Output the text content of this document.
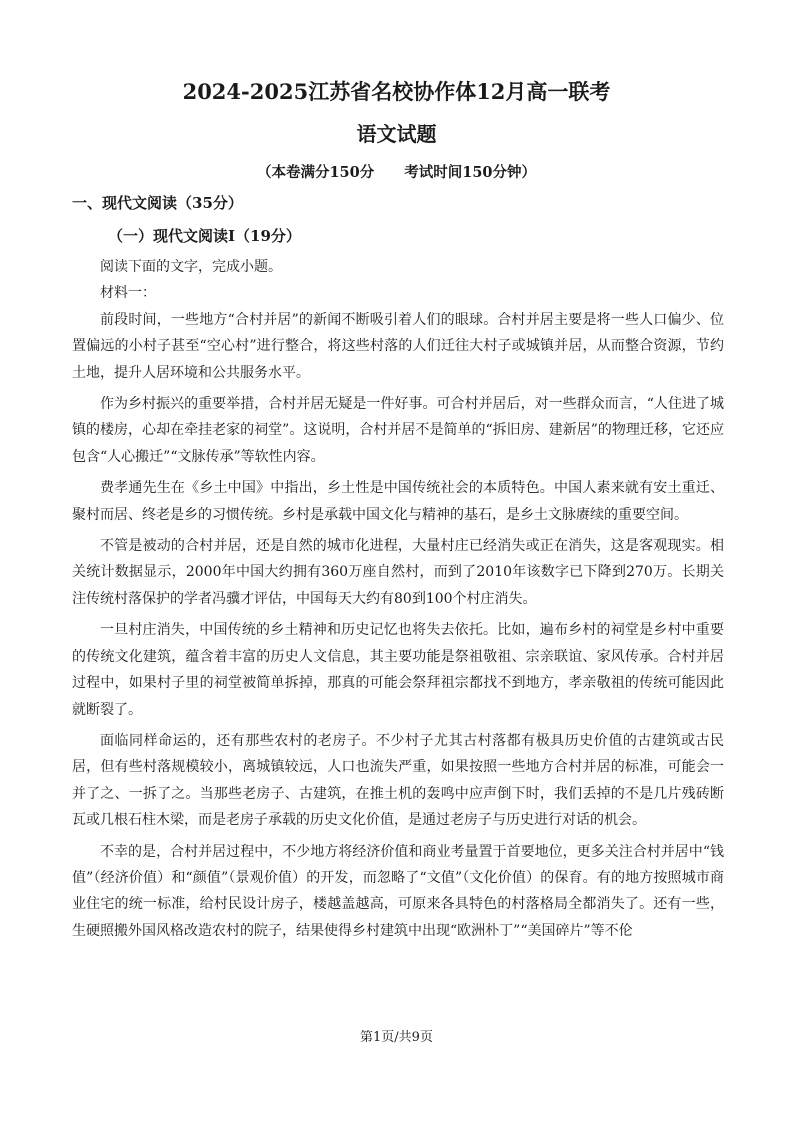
2024-2025江苏省名校协作体12月高一联考
语文试题
（本卷满分150分 考试时间150分钟）
一、现代文阅读（35分）
（一）现代文阅读Ⅰ（19分）

阅读下面的文字，完成小题。

材料一：

前段时间，一些地方“合村并居”的新闻不断吸引着人们的眼球。合村并居主要是将一些人口偏少、位置偏远的小村子甚至“空心村”进行整合，将这些村落的人们迁往大村子或城镇并居，从而整合资源，节约土地，提升人居环境和公共服务水平。

作为乡村振兴的重要举措，合村并居无疑是一件好事。可合村并居后，对一些群众而言，“人住进了城镇的楼房，心却在牵挂老家的祠堂”。这说明，合村并居不是简单的“拆旧房、建新居”的物理迁移，它还应包含“人心搬迁”“文脉传承”等软性内容。

费孝通先生在《乡土中国》中指出，乡土性是中国传统社会的本质特色。中国人素来就有安土重迁、聚村而居、终老是乡的习惯传统。乡村是承载中国文化与精神的基石，是乡土文脉赓续的重要空间。

不管是被动的合村并居，还是自然的城市化进程，大量村庄已经消失或正在消失，这是客观现实。相关统计数据显示，2000年中国大约拥有360万座自然村，而到了2010年该数字已下降到270万。长期关注传统村落保护的学者冯骥才评估，中国每天大约有80到100个村庄消失。

一旦村庄消失，中国传统的乡土精神和历史记忆也将失去依托。比如，遍布乡村的祠堂是乡村中重要的传统文化建筑，蕴含着丰富的历史人文信息，其主要功能是祭祖敬祖、宗亲联谊、家风传承。合村并居过程中，如果村子里的祠堂被简单拆掉，那真的可能会祭拜祖宗都找不到地方，孝亲敬祖的传统可能因此就断裂了。

面临同样命运的，还有那些农村的老房子。不少村子尤其古村落都有极具历史价值的古建筑或古民居，但有些村落规模较小，离城镇较远，人口也流失严重，如果按照一些地方合村并居的标准，可能会一并了之、一拆了之。当那些老房子、古建筑，在推土机的轰鸣中应声倒下时，我们丢掉的不是几片残砖断瓦或几根石柱木梁，而是老房子承载的历史文化价值，是通过老房子与历史进行对话的机会。

不幸的是，合村并居过程中，不少地方将经济价值和商业考量置于首要地位，更多关注合村并居中“钱值”（经济价值）和“颜值”（景观价值）的开发，而忽略了“文值”（文化价值）的保育。有的地方按照城市商业住宅的统一标准，给村民设计房子，楼越盖越高，可原来各具特色的村落格局全都消失了。还有一些，生硬照搬外国风格改造农村的院子，结果使得乡村建筑中出现“欧洲朴丁”“美国碎片”等不伦

第1页/共9页
